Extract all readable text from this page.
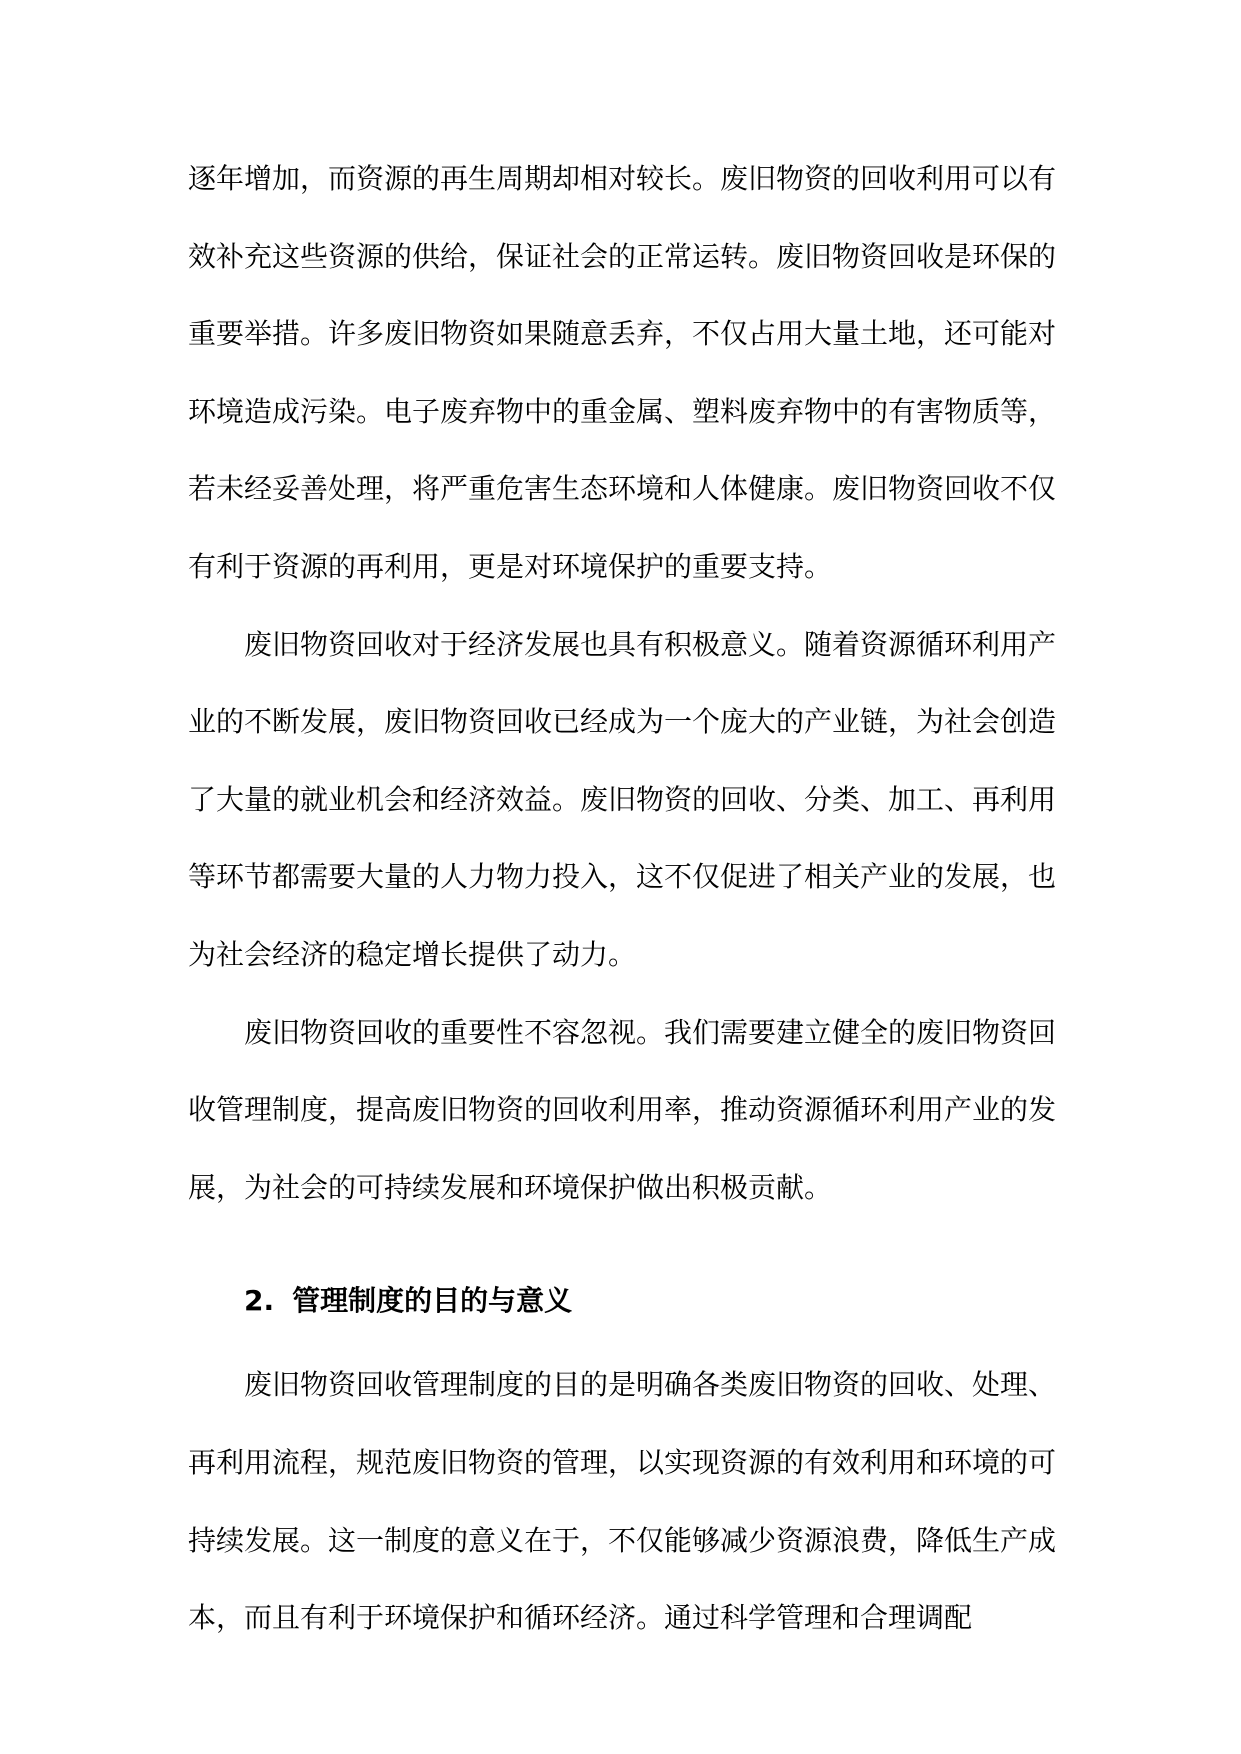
逐年增加，而资源的再生周期却相对较长。废旧物资的回收利用可以有效补充这些资源的供给，保证社会的正常运转。废旧物资回收是环保的重要举措。许多废旧物资如果随意丢弃，不仅占用大量土地，还可能对环境造成污染。电子废弃物中的重金属、塑料废弃物中的有害物质等，若未经妥善处理，将严重危害生态环境和人体健康。废旧物资回收不仅有利于资源的再利用，更是对环境保护的重要支持。

废旧物资回收对于经济发展也具有积极意义。随着资源循环利用产业的不断发展，废旧物资回收已经成为一个庞大的产业链，为社会创造了大量的就业机会和经济效益。废旧物资的回收、分类、加工、再利用等环节都需要大量的人力物力投入，这不仅促进了相关产业的发展，也为社会经济的稳定增长提供了动力。

废旧物资回收的重要性不容忽视。我们需要建立健全的废旧物资回收管理制度，提高废旧物资的回收利用率，推动资源循环利用产业的发展，为社会的可持续发展和环境保护做出积极贡献。

2. 管理制度的目的与意义

废旧物资回收管理制度的目的是明确各类废旧物资的回收、处理、再利用流程，规范废旧物资的管理，以实现资源的有效利用和环境的可持续发展。这一制度的意义在于，不仅能够减少资源浪费，降低生产成本，而且有利于环境保护和循环经济。通过科学管理和合理调配
